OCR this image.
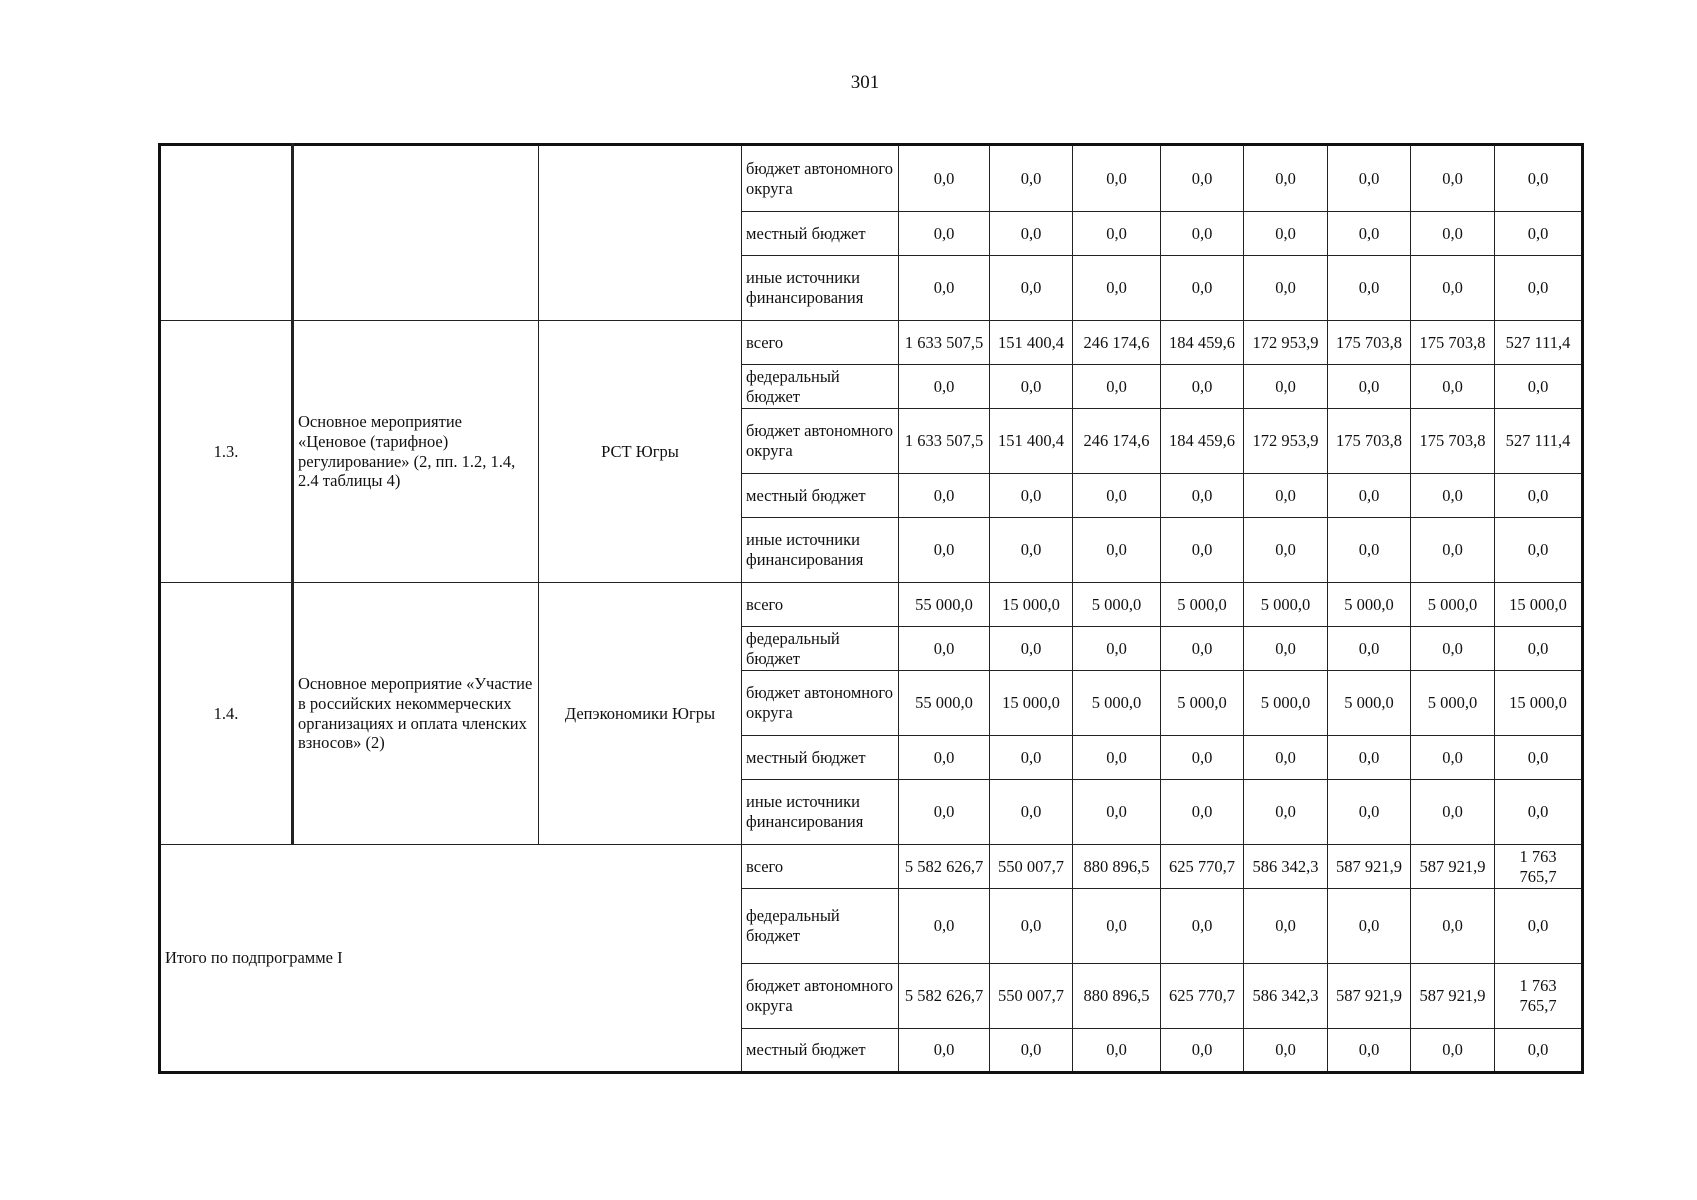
301
			бюджет автономного округа	0,0	0,0	0,0	0,0	0,0	0,0	0,0	0,0
			местный бюджет	0,0	0,0	0,0	0,0	0,0	0,0	0,0	0,0
			иные источники финансирования	0,0	0,0	0,0	0,0	0,0	0,0	0,0	0,0
1.3.	Основное мероприятие «Ценовое (тарифное) регулирование» (2, пп. 1.2, 1.4, 2.4 таблицы 4)	РСТ Югры	всего	1 633 507,5	151 400,4	246 174,6	184 459,6	172 953,9	175 703,8	175 703,8	527 111,4
			федеральный бюджет	0,0	0,0	0,0	0,0	0,0	0,0	0,0	0,0
			бюджет автономного округа	1 633 507,5	151 400,4	246 174,6	184 459,6	172 953,9	175 703,8	175 703,8	527 111,4
			местный бюджет	0,0	0,0	0,0	0,0	0,0	0,0	0,0	0,0
			иные источники финансирования	0,0	0,0	0,0	0,0	0,0	0,0	0,0	0,0
1.4.	Основное мероприятие «Участие в российских некоммерческих организациях и оплата членских взносов» (2)	Депэкономики Югры	всего	55 000,0	15 000,0	5 000,0	5 000,0	5 000,0	5 000,0	5 000,0	15 000,0
			федеральный бюджет	0,0	0,0	0,0	0,0	0,0	0,0	0,0	0,0
			бюджет автономного округа	55 000,0	15 000,0	5 000,0	5 000,0	5 000,0	5 000,0	5 000,0	15 000,0
			местный бюджет	0,0	0,0	0,0	0,0	0,0	0,0	0,0	0,0
			иные источники финансирования	0,0	0,0	0,0	0,0	0,0	0,0	0,0	0,0
Итого по подпрограмме I			всего	5 582 626,7	550 007,7	880 896,5	625 770,7	586 342,3	587 921,9	587 921,9	1 763 765,7
			федеральный бюджет	0,0	0,0	0,0	0,0	0,0	0,0	0,0	0,0
			бюджет автономного округа	5 582 626,7	550 007,7	880 896,5	625 770,7	586 342,3	587 921,9	587 921,9	1 763 765,7
			местный бюджет	0,0	0,0	0,0	0,0	0,0	0,0	0,0	0,0
